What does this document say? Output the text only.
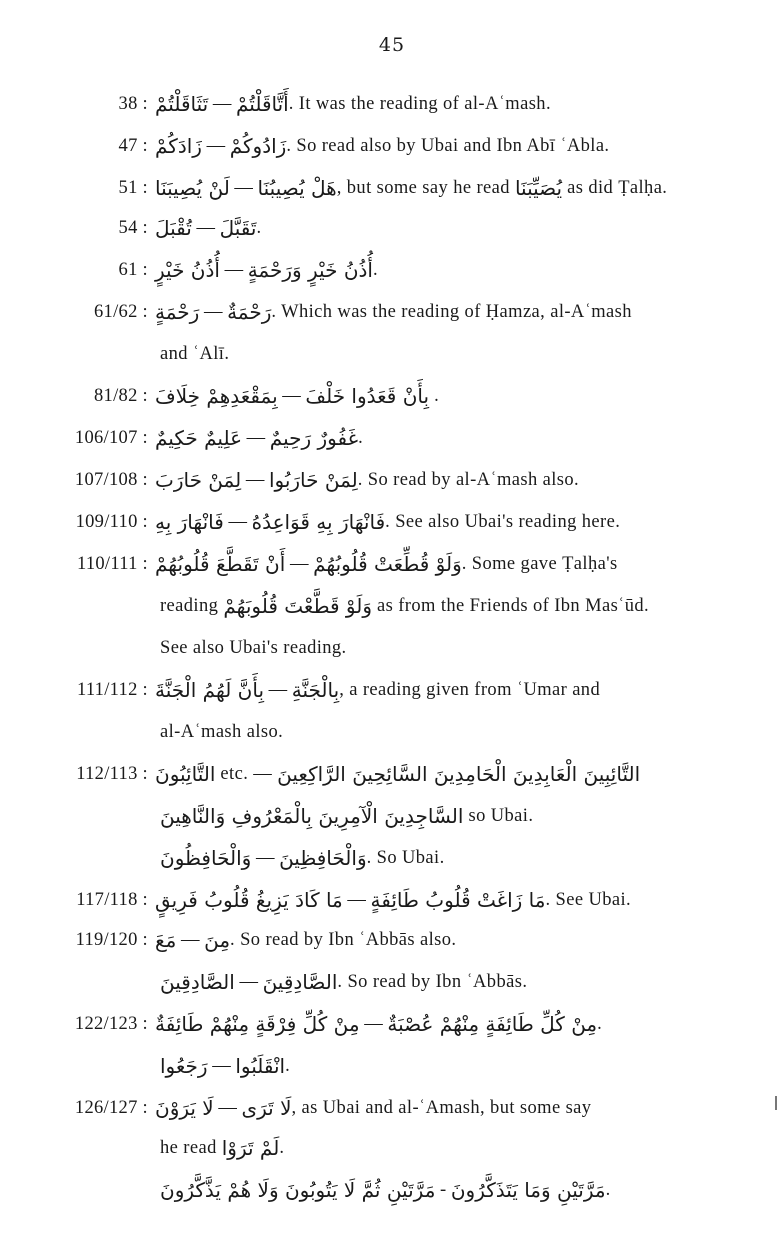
45
38 : تَثَاقَلْتُمْ — أَتَّاقَلْتُمْ . It was the reading of al-Aʿmash.
47 : زَادَكُمْ — زَادُوكُمْ . So read also by Ubai and Ibn Abī ʿAbla.
51 : لَنْ يُصِيبَنَا — هَلْ يُصِيبُنَا , but some say he read يُصَيِّبَنَا as did Ṭalḥa.
54 : تُقْبَلَ — تَقَبَّلَ .
61 : أُذُنُ خَيْرٍ — أُذُنُ خَيْرٍ وَرَحْمَةٍ .
61/62 : رَحْمَةٍ — رَحْمَةٌ . Which was the reading of Ḥamza, al-Aʿmash
and ʿAlī.
81/82 : بِمَقْعَدِهِمْ خِلَافَ — بِأَنْ قَعَدُوا خَلْفَ .
106/107 : عَلِيمٌ حَكِيمٌ — غَفُورٌ رَحِيمٌ .
107/108 : لِمَنْ حَارَبَ — لِمَنْ حَارَبُوا . So read by al-Aʿmash also.
109/110 : فَانْهَارَ بِهِ — فَانْهَارَ بِهِ قَوَاعِدُهُ . See also Ubai's reading here.
110/111 : أَنْ تَقَطَّعَ قُلُوبُهُمْ — وَلَوْ قُطِّعَتْ قُلُوبُهُمْ . Some gave Ṭalḥa's
reading وَلَوْ قَطَّعْتَ قُلُوبَهُمْ as from the Friends of Ibn Masʿūd.
See also Ubai's reading.
111/112 : بِأَنَّ لَهُمُ الْجَنَّةَ — بِالْجَنَّةِ , a reading given from ʿUmar and
al-Aʿmash also.
112/113 : التَّائِبُونَ etc. — التَّائِبِينَ الْعَابِدِينَ الْحَامِدِينَ السَّائِحِينَ الرَّاكِعِينَ
السَّاجِدِينَ الْآمِرِينَ بِالْمَعْرُوفِ وَالنَّاهِينَ so Ubai.
وَالْحَافِظُونَ — وَالْحَافِظِينَ . So Ubai.
117/118 : مَا كَادَ يَزِيغُ قُلُوبُ فَرِيقٍ — مَا زَاغَتْ قُلُوبُ طَائِفَةٍ . See Ubai.
119/120 : مَعَ — مِنَ . So read by Ibn ʿAbbās also.
الصَّادِقِينَ — الصَّادِقِينَ . So read by Ibn ʿAbbās.
122/123 : مِنْ كُلِّ فِرْقَةٍ مِنْهُمْ طَائِفَةٌ — مِنْ كُلِّ طَائِفَةٍ مِنْهُمْ عُصْبَةٌ .
رَجَعُوا — انْقَلَبُوا .
126/127 : لَا يَرَوْنَ — لَا تَرَى , as Ubai and al-ʿAmash, but some say
he read لَمْ تَرَوْا .
مَرَّتَيْنِ ثُمَّ لَا يَتُوبُونَ وَلَا هُمْ يَذَّكَّرُونَ - مَرَّتَيْنِ وَمَا يَتَذَكَّرُونَ .
